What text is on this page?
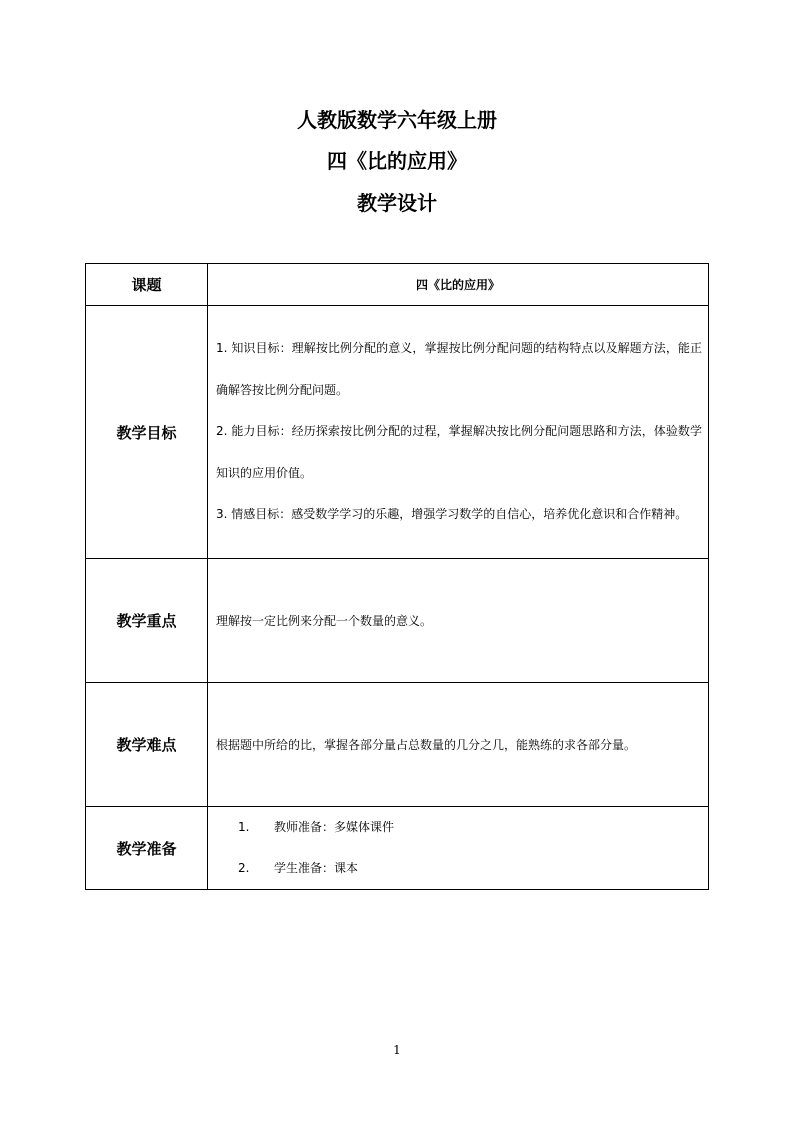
人教版数学六年级上册
四《比的应用》
教学设计
课题	四《比的应用》
教学目标	1. 知识目标：理解按比例分配的意义，掌握按比例分配问题的结构特点以及解题方法，能正确解答按比例分配问题。
2. 能力目标：经历探索按比例分配的过程，掌握解决按比例分配问题思路和方法，体验数学知识的应用价值。
3. 情感目标：感受数学学习的乐趣，增强学习数学的自信心，培养优化意识和合作精神。

教学重点	理解按一定比例来分配一个数量的意义。

教学难点	根据题中所给的比，掌握各部分量占总数量的几分之几，能熟练的求各部分量。

教学准备	1. 教师准备：多媒体课件
2. 学生准备：课本
1
